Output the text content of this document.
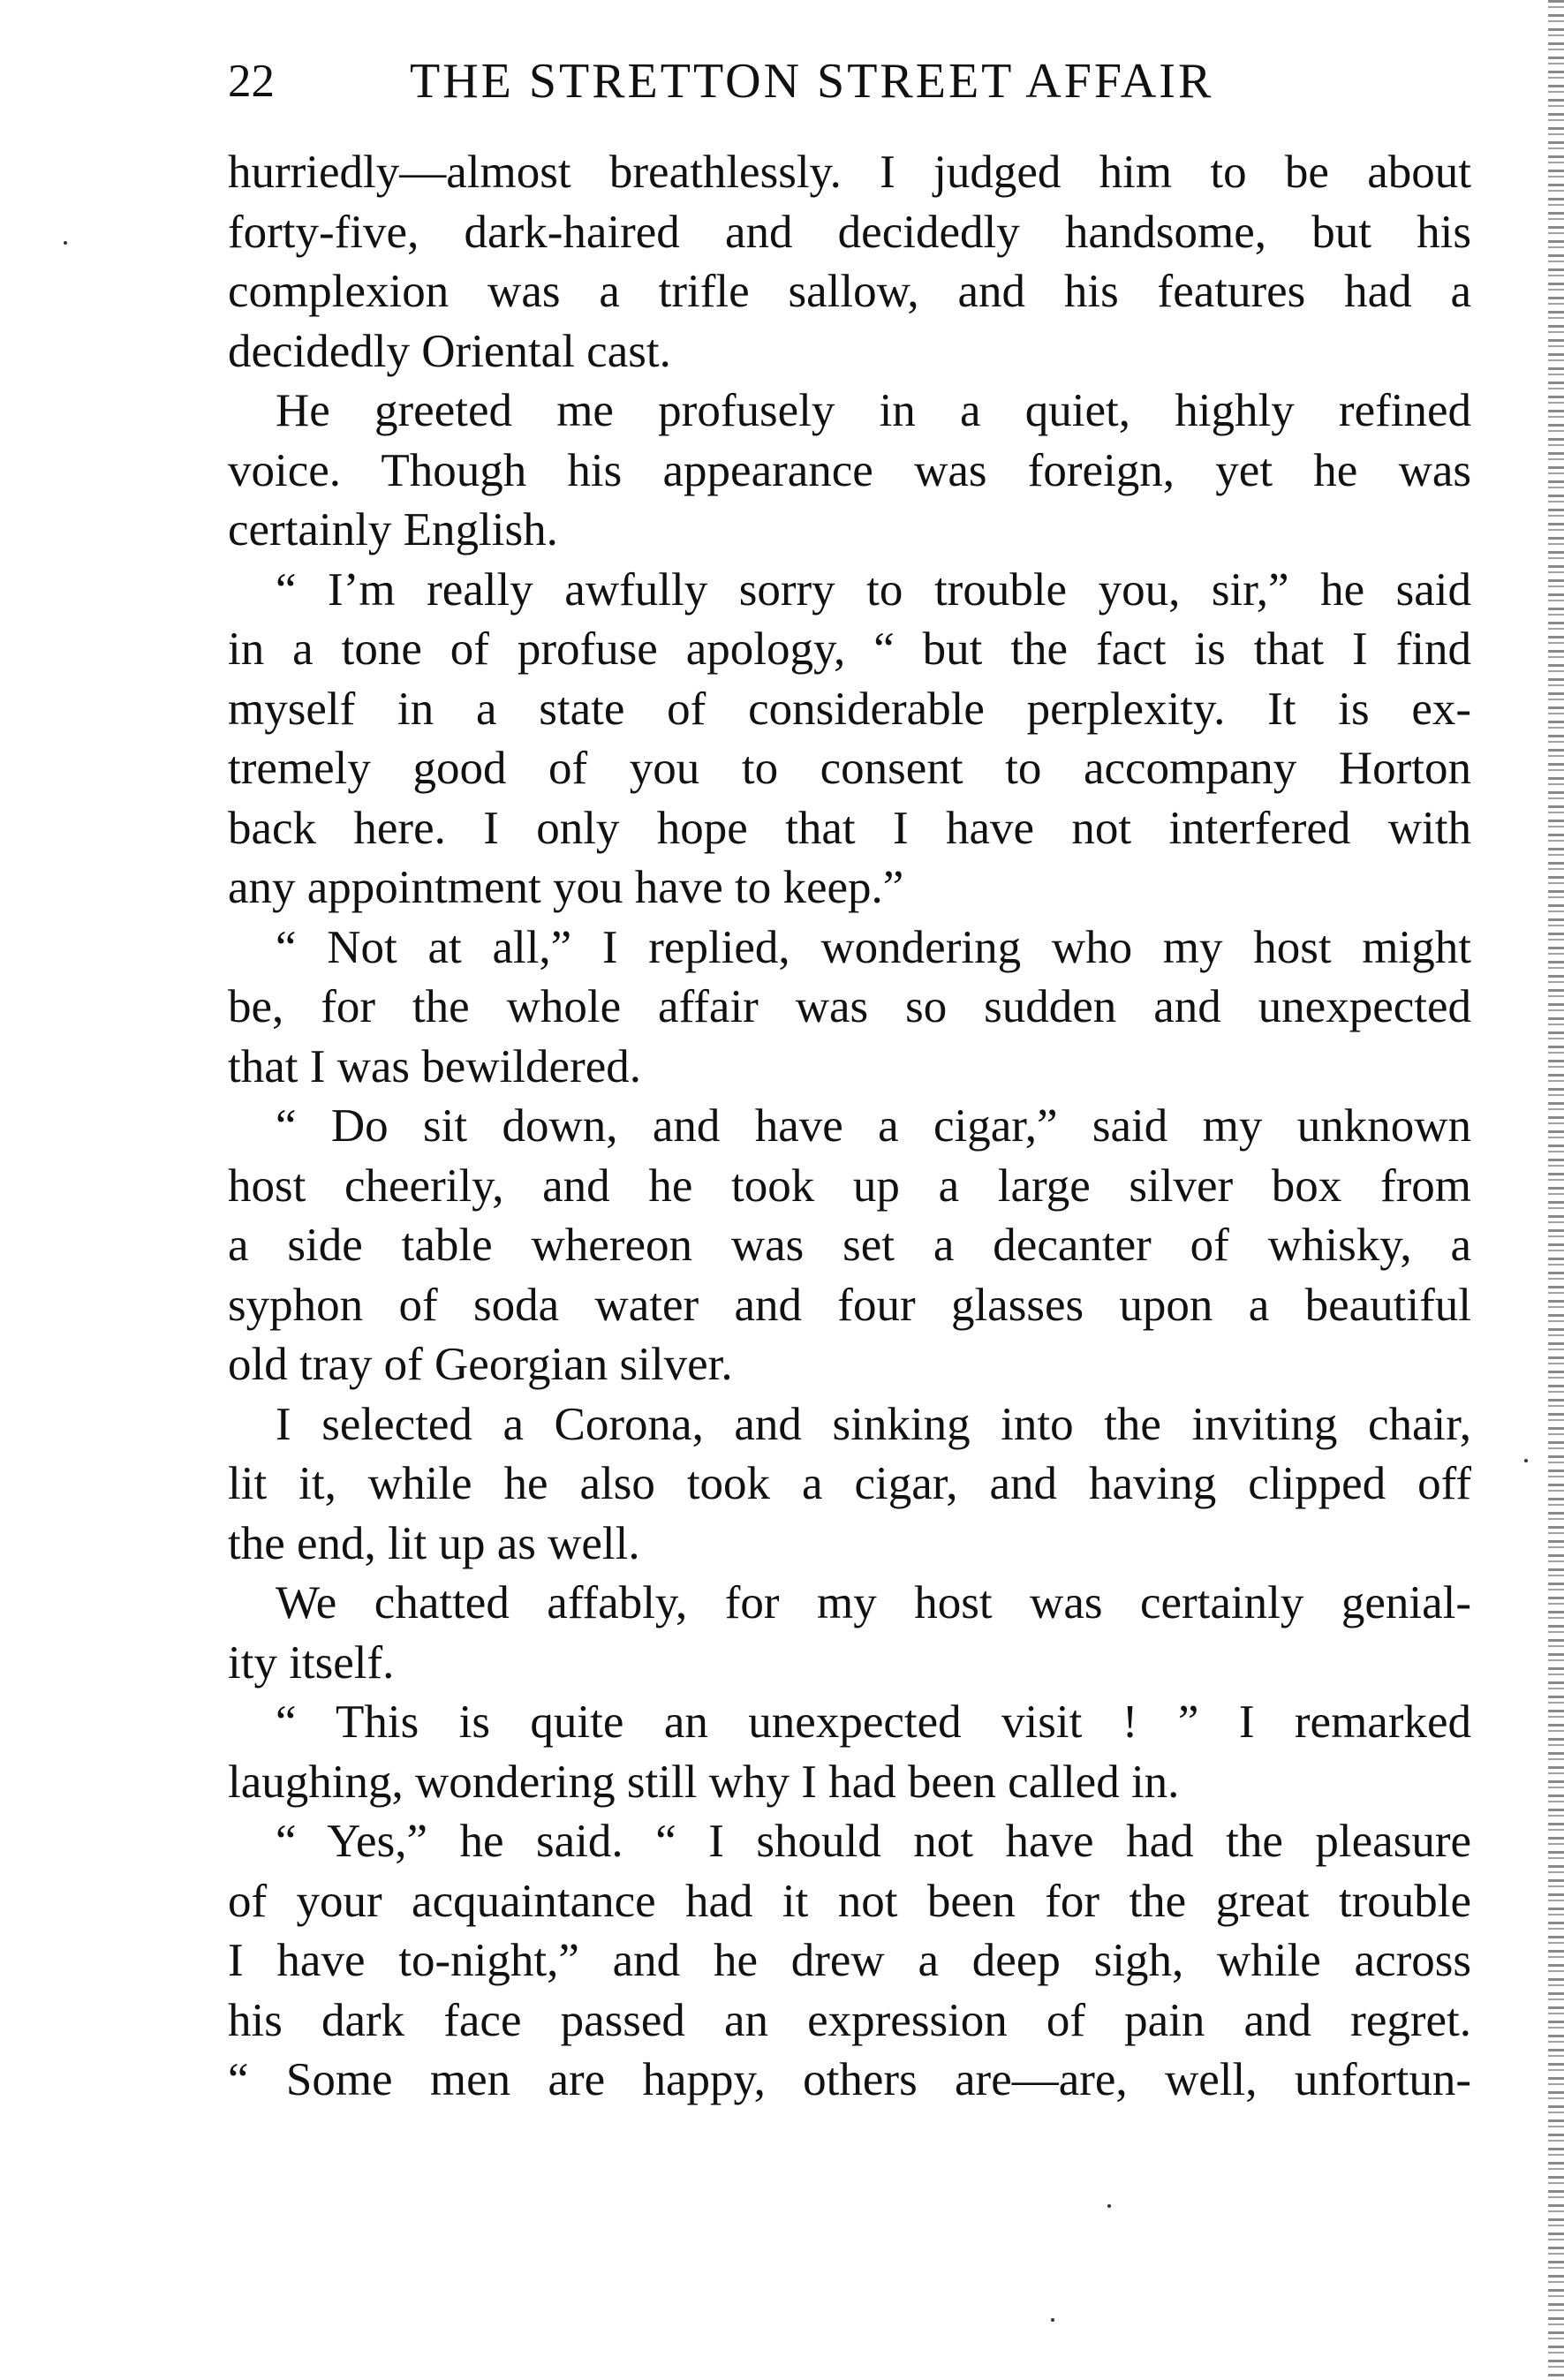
22	THE STRETTON STREET AFFAIR
hurriedly—almost breathlessly. I judged him to be about
forty-five, dark-haired and decidedly handsome, but his
complexion was a trifle sallow, and his features had a
decidedly Oriental cast.
He greeted me profusely in a quiet, highly refined
voice. Though his appearance was foreign, yet he was
certainly English.
“ I’m really awfully sorry to trouble you, sir,” he said
in a tone of profuse apology, “ but the fact is that I find
myself in a state of considerable perplexity. It is ex-
tremely good of you to consent to accompany Horton
back here. I only hope that I have not interfered with
any appointment you have to keep.”
“ Not at all,” I replied, wondering who my host might
be, for the whole affair was so sudden and unexpected
that I was bewildered.
“ Do sit down, and have a cigar,” said my unknown
host cheerily, and he took up a large silver box from
a side table whereon was set a decanter of whisky, a
syphon of soda water and four glasses upon a beautiful
old tray of Georgian silver.
I selected a Corona, and sinking into the inviting chair,
lit it, while he also took a cigar, and having clipped off
the end, lit up as well.
We chatted affably, for my host was certainly genial-
ity itself.
“ This is quite an unexpected visit ! ” I remarked
laughing, wondering still why I had been called in.
“ Yes,” he said. “ I should not have had the pleasure
of your acquaintance had it not been for the great trouble
I have to-night,” and he drew a deep sigh, while across
his dark face passed an expression of pain and regret.
“ Some men are happy, others are—are, well, unfortun-
